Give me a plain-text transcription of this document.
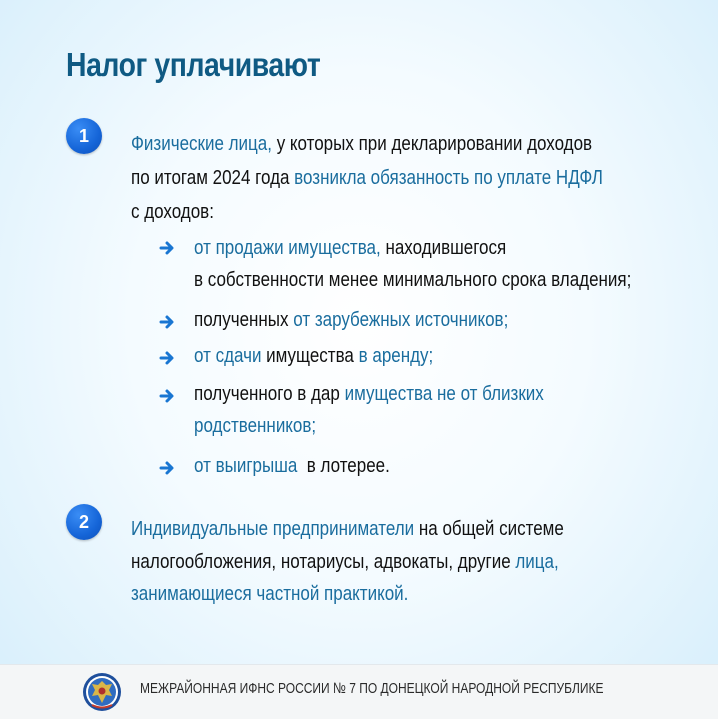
Налог уплачивают
1	Физические лица, у которых при декларировании доходов
по итогам 2024 года возникла обязанность по уплате НДФЛ
с доходов:
от продажи имущества, находившегося
в собственности менее минимального срока владения;
полученных от зарубежных источников;
от сдачи имущества в аренду;
полученного в дар имущества не от близких
родственников;
от выигрыша  в лотерее.
2	Индивидуальные предприниматели на общей системе
налогообложения, нотариусы, адвокаты, другие лица,
занимающиеся частной практикой.
МЕЖРАЙОННАЯ ИФНС РОССИИ № 7 ПО ДОНЕЦКОЙ НАРОДНОЙ РЕСПУБЛИКЕ
